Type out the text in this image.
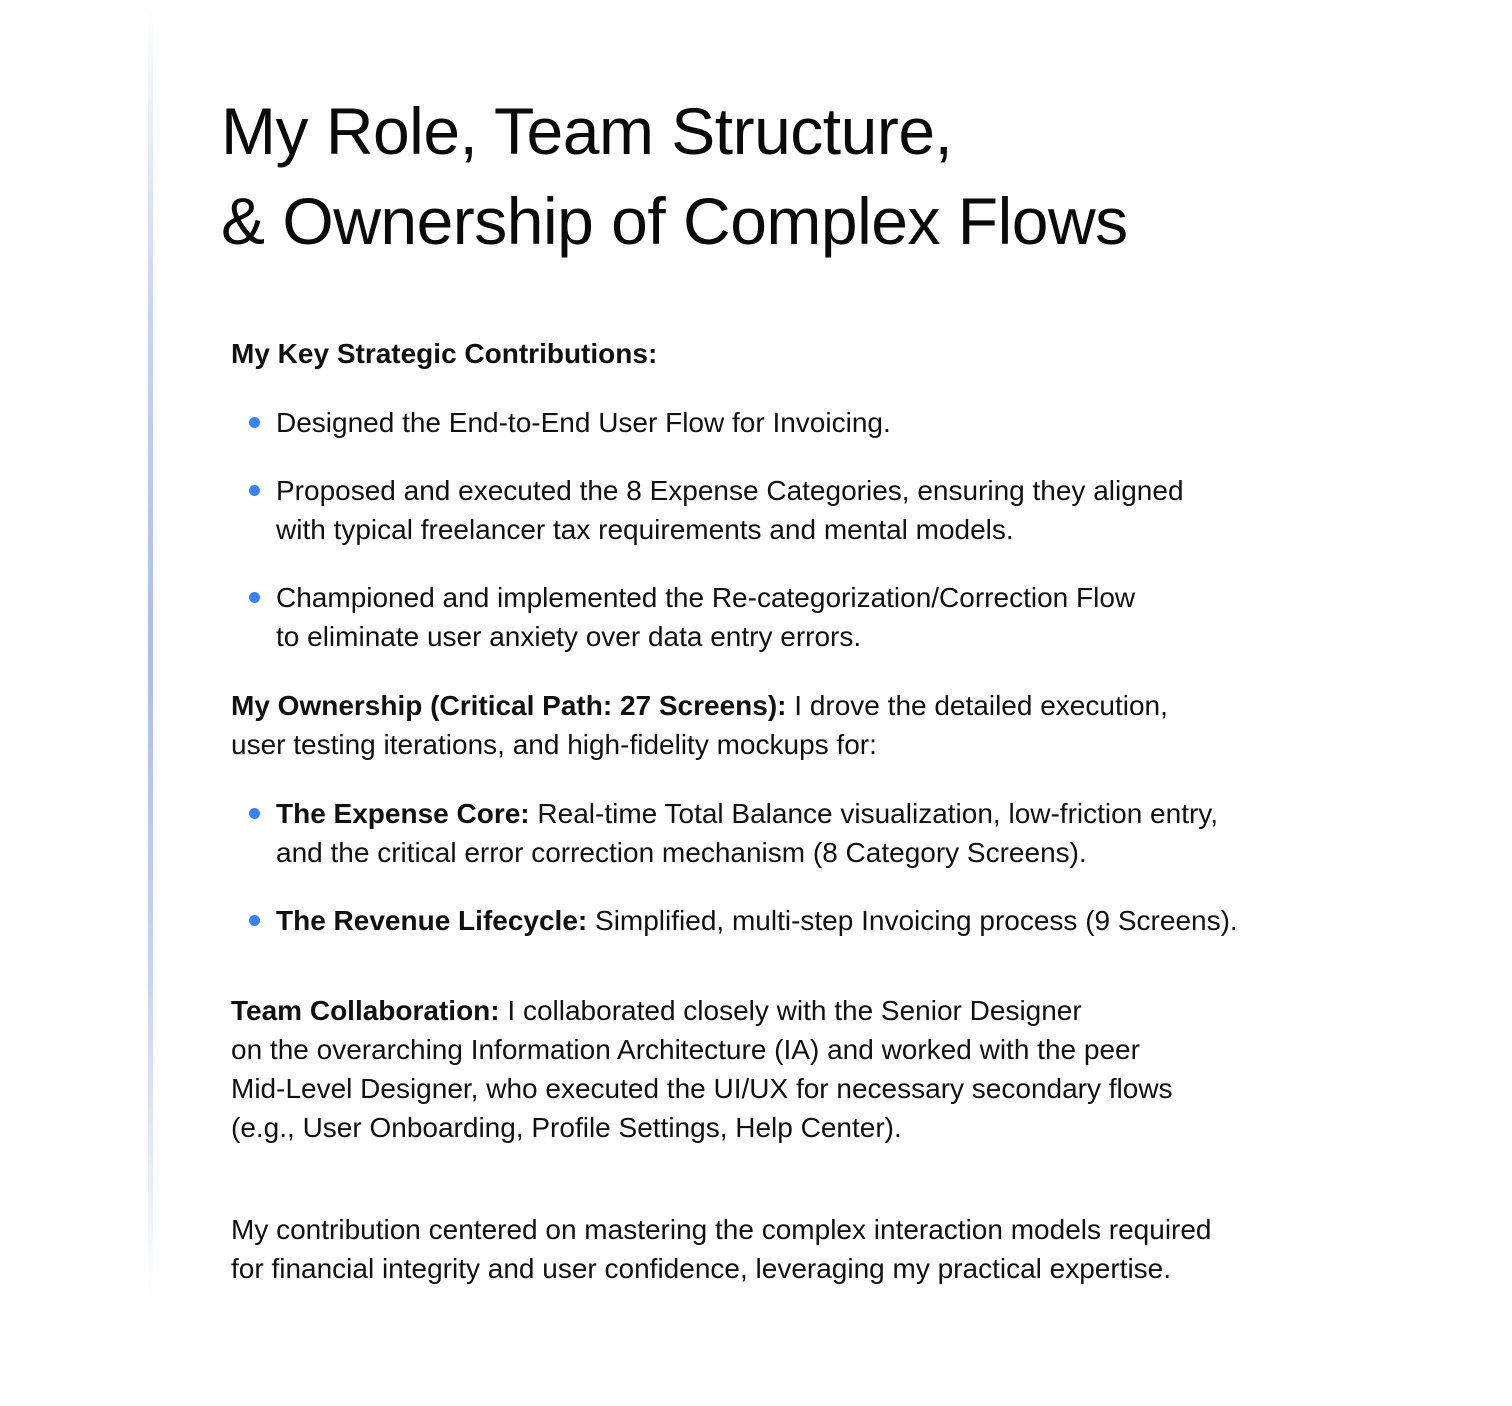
My Role, Team Structure,
& Ownership of Complex Flows

My Key Strategic Contributions:

Designed the End-to-End User Flow for Invoicing.
Proposed and executed the 8 Expense Categories, ensuring they aligned
with typical freelancer tax requirements and mental models.
Championed and implemented the Re-categorization/Correction Flow
to eliminate user anxiety over data entry errors.

My Ownership (Critical Path: 27 Screens): I drove the detailed execution,
user testing iterations, and high-fidelity mockups for:

The Expense Core: Real-time Total Balance visualization, low-friction entry,
and the critical error correction mechanism (8 Category Screens).
The Revenue Lifecycle: Simplified, multi-step Invoicing process (9 Screens).

Team Collaboration: I collaborated closely with the Senior Designer
on the overarching Information Architecture (IA) and worked with the peer
Mid-Level Designer, who executed the UI/UX for necessary secondary flows
(e.g., User Onboarding, Profile Settings, Help Center).

My contribution centered on mastering the complex interaction models required
for financial integrity and user confidence, leveraging my practical expertise.
